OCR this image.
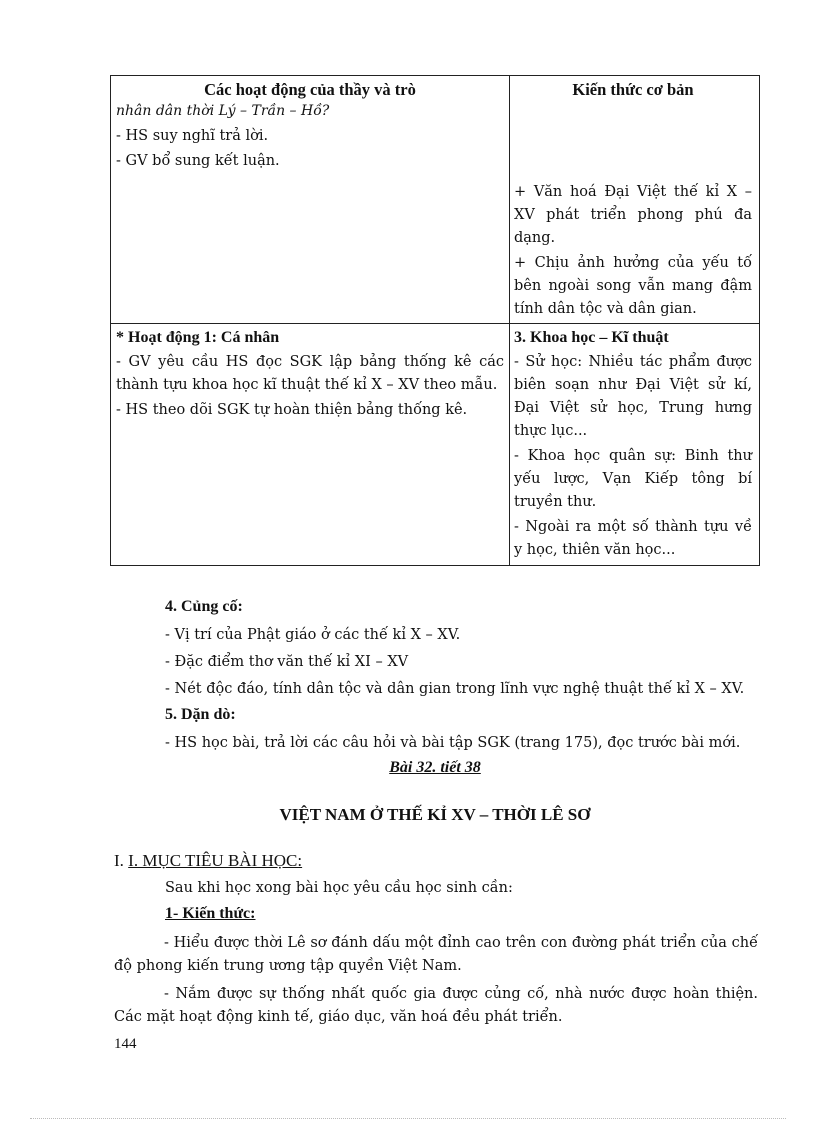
Các hoạt động của thầy và trò	Kiến thức cơ bản

nhân dân thời Lý – Trần – Hồ?

- HS suy nghĩ trả lời.

- GV bổ sung kết luận.

+ Văn hoá Đại Việt thế kỉ X – XV phát triển phong phú đa dạng.

+ Chịu ảnh hưởng của yếu tố bên ngoài song vẫn mang đậm tính dân tộc và dân gian.

* Hoạt động 1: Cá nhân

- GV yêu cầu HS đọc SGK lập bảng thống kê các thành tựu khoa học kĩ thuật thế kỉ X – XV theo mẫu.

- HS theo dõi SGK tự hoàn thiện bảng thống kê.

3. Khoa học – Kĩ thuật

- Sử học: Nhiều tác phẩm được biên soạn như Đại Việt sử kí, Đại Việt sử học, Trung hưng thực lục...

- Khoa học quân sự: Binh thư yếu lược, Vạn Kiếp tông bí truyền thư.

- Ngoài ra một số thành tựu về y học, thiên văn học...

4. Củng cố:
- Vị trí của Phật giáo ở các thế kỉ X – XV.
- Đặc điểm thơ văn thế kỉ XI – XV
- Nét độc đáo, tính dân tộc và dân gian trong lĩnh vực nghệ thuật thế kỉ X – XV.
5. Dặn dò:
- HS học bài, trả lời các câu hỏi và bài tập SGK (trang 175), đọc trước bài mới.
Bài 32. tiết 38
VIỆT NAM Ở THẾ KỈ XV – THỜI LÊ SƠ
I. I. MỤC TIÊU BÀI HỌC:
Sau khi học xong bài học yêu cầu học sinh cần:
1- Kiến thức:
- Hiểu được thời Lê sơ đánh dấu một đỉnh cao trên con đường phát triển của chế độ phong kiến trung ương tập quyền Việt Nam.
- Nắm được sự thống nhất quốc gia được củng cố, nhà nước được hoàn thiện. Các mặt hoạt động kinh tế, giáo dục, văn hoá đều phát triển.
144
